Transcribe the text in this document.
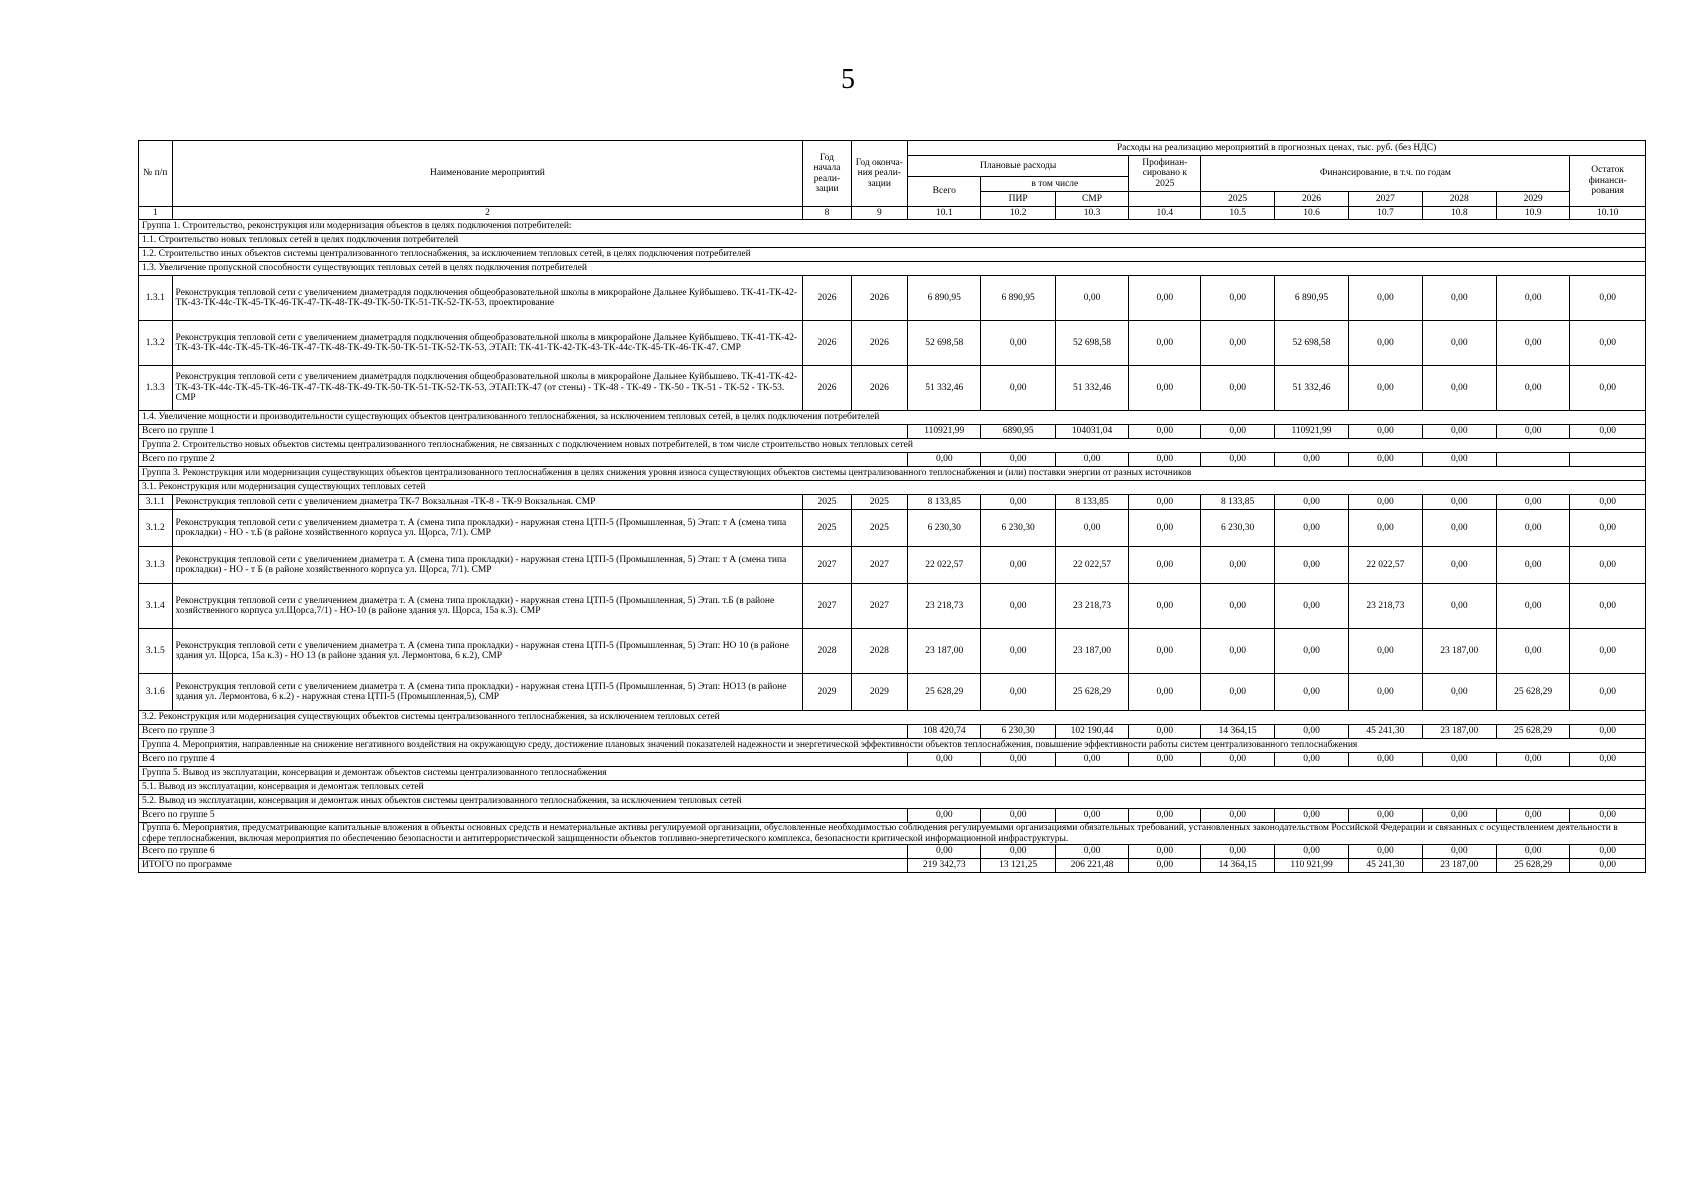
5
№ п/п	Наименование мероприятий	Год начала реали-зации	Год оконча-ния реали-зации	Расходы на реализацию мероприятий в прогнозных ценах, тыс. руб. (без НДС)									
				Плановые расходы			Профинан-сировано к 2025	Финансирование, в т.ч. по годам					Остаток финанси-рования
				Всего	в том числе								
					ПИР	СМР							
								2025	2026	2027	2028	2029	
1	2	8	9	10.1	10.2	10.3	10.4	10.5	10.6	10.7	10.8	10.9	10.10
Группа 1. Строительство, реконструкция или модернизация объектов в целях подключения потребителей:													
1.1. Строительство новых тепловых сетей в целях подключения потребителей													
1.2. Строительство иных объектов системы централизованного теплоснабжения, за исключением тепловых сетей, в целях подключения потребителей													
1.3. Увеличение пропускной способности существующих тепловых сетей в целях подключения потребителей													
1.3.1	Реконструкция тепловой сети с увеличением диаметрадля подключения общеобразовательной школы в микрорайоне Дальнее Куйбышево. ТК-41-ТК-42-ТК-43-ТК-44с-ТК-45-ТК-46-ТК-47-ТК-48-ТК-49-ТК-50-ТК-51-ТК-52-ТК-53, проектирование	2026	2026	6 890,95	6 890,95	0,00	0,00	0,00	6 890,95	0,00	0,00	0,00	0,00
1.3.2	Реконструкция тепловой сети с увеличением диаметрадля подключения общеобразовательной школы в микрорайоне Дальнее Куйбышево. ТК-41-ТК-42-ТК-43-ТК-44с-ТК-45-ТК-46-ТК-47-ТК-48-ТК-49-ТК-50-ТК-51-ТК-52-ТК-53, ЭТАП: ТК-41-ТК-42-ТК-43-ТК-44с-ТК-45-ТК-46-ТК-47. СМР	2026	2026	52 698,58	0,00	52 698,58	0,00	0,00	52 698,58	0,00	0,00	0,00	0,00
1.3.3	Реконструкция тепловой сети с увеличением диаметрадля подключения общеобразовательной школы в микрорайоне Дальнее Куйбышево. ТК-41-ТК-42-ТК-43-ТК-44с-ТК-45-ТК-46-ТК-47-ТК-48-ТК-49-ТК-50-ТК-51-ТК-52-ТК-53, ЭТАП:ТК-47 (от стены) - ТК-48 - ТК-49 - ТК-50 - ТК-51 - ТК-52 - ТК-53. СМР	2026	2026	51 332,46	0,00	51 332,46	0,00	0,00	51 332,46	0,00	0,00	0,00	0,00
1.4. Увеличение мощности и производительности существующих объектов централизованного теплоснабжения, за исключением тепловых сетей, в целях подключения потребителей													
Всего по группе 1				110921,99	6890,95	104031,04	0,00	0,00	110921,99	0,00	0,00	0,00	0,00
Группа 2. Строительство новых объектов системы централизованного теплоснабжения, не связанных с подключением новых потребителей, в том числе строительство новых тепловых сетей													
Всего по группе 2				0,00	0,00	0,00	0,00	0,00	0,00	0,00	0,00		
Группа 3. Реконструкция или модернизация существующих объектов централизованного теплоснабжения в целях снижения уровня износа существующих объектов системы централизованного теплоснабжения и (или) поставки энергии от разных источников													
3.1. Реконструкция или модернизация существующих тепловых сетей													
3.1.1	Реконструкция тепловой сети с увеличением диаметра ТК-7 Вокзальная -ТК-8 - ТК-9 Вокзальная. СМР	2025	2025	8 133,85	0,00	8 133,85	0,00	8 133,85	0,00	0,00	0,00	0,00	0,00
3.1.2	Реконструкция тепловой сети с увеличением диаметра т. А (смена типа прокладки) - наружная стена ЦТП-5 (Промышленная, 5) Этап: т А (смена типа прокладки) - НО - т.Б (в районе хозяйственного корпуса ул. Щорса, 7/1). СМР	2025	2025	6 230,30	6 230,30	0,00	0,00	6 230,30	0,00	0,00	0,00	0,00	0,00
3.1.3	Реконструкция тепловой сети с увеличением диаметра т. А (смена типа прокладки) - наружная стена ЦТП-5 (Промышленная, 5) Этап: т А (смена типа прокладки) - НО - т Б (в районе хозяйственного корпуса ул. Щорса, 7/1). СМР	2027	2027	22 022,57	0,00	22 022,57	0,00	0,00	0,00	22 022,57	0,00	0,00	0,00
3.1.4	Реконструкция тепловой сети с увеличением диаметра т. А (смена типа прокладки) - наружная стена ЦТП-5 (Промышленная, 5) Этап. т.Б (в районе хозяйственного корпуса ул.Щорса,7/1) - НО-10 (в районе здания ул. Щорса, 15а к.3). СМР	2027	2027	23 218,73	0,00	23 218,73	0,00	0,00	0,00	23 218,73	0,00	0,00	0,00
3.1.5	Реконструкция тепловой сети с увеличением диаметра т. А (смена типа прокладки) - наружная стена ЦТП-5 (Промышленная, 5) Этап: НО 10 (в районе здания ул. Щорса, 15а к.3) - НО 13 (в районе здания ул. Лермонтова, 6 к.2), СМР	2028	2028	23 187,00	0,00	23 187,00	0,00	0,00	0,00	0,00	23 187,00	0,00	0,00
3.1.6	Реконструкция тепловой сети с увеличением диаметра т. А (смена типа прокладки) - наружная стена ЦТП-5 (Промышленная, 5) Этап: НО13 (в районе здания ул. Лермонтова, 6 к.2) - наружная стена ЦТП-5 (Промышленная,5), СМР	2029	2029	25 628,29	0,00	25 628,29	0,00	0,00	0,00	0,00	0,00	25 628,29	0,00
3.2. Реконструкция или модернизация существующих объектов системы централизованного теплоснабжения, за исключением тепловых сетей													
Всего по группе 3				108 420,74	6 230,30	102 190,44	0,00	14 364,15	0,00	45 241,30	23 187,00	25 628,29	0,00
Группа 4. Мероприятия, направленные на снижение негативного воздействия на окружающую среду, достижение плановых значений показателей надежности и энергетической эффективности объектов теплоснабжения, повышение эффективности работы систем централизованного теплоснабжения													
Всего по группе 4				0,00	0,00	0,00	0,00	0,00	0,00	0,00	0,00	0,00	0,00
Группа 5. Вывод из эксплуатации, консервация и демонтаж объектов системы централизованного теплоснабжения													
5.1. Вывод из эксплуатации, консервация и демонтаж тепловых сетей													
5.2. Вывод из эксплуатации, консервация и демонтаж иных объектов системы централизованного теплоснабжения, за исключением тепловых сетей													
Всего по группе 5				0,00	0,00	0,00	0,00	0,00	0,00	0,00	0,00	0,00	0,00
Группа 6. Мероприятия, предусматривающие капитальные вложения в объекты основных средств и нематериальные активы регулируемой организации, обусловленные необходимостью соблюдения регулируемыми организациями обязательных требований, установленных законодательством Российской Федерации и связанных с осуществлением деятельности в сфере теплоснабжения, включая мероприятия по обеспечению безопасности и антитеррористической защищенности объектов топливно-энергетического комплекса, безопасности критической информационной инфраструктуры.													
Всего по группе 6				0,00	0,00	0,00	0,00	0,00	0,00	0,00	0,00	0,00	0,00
ИТОГО по программе				219 342,73	13 121,25	206 221,48	0,00	14 364,15	110 921,99	45 241,30	23 187,00	25 628,29	0,00
